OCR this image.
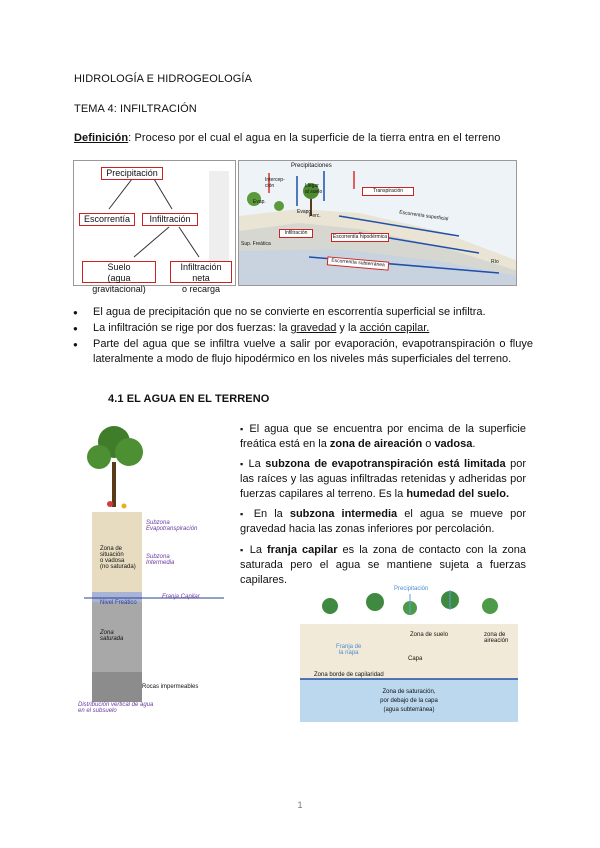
HIDROLOGÍA E HIDROGEOLOGÍA
TEMA 4: INFILTRACIÓN
Definición: Proceso por el cual el agua en la superficie de la tierra entra en el terreno
Precipitación
Escorrentía	Infiltración
Suelo
(agua gravitacional)
Infiltración neta
o recarga
Precipitaciones
Intercep-
ción	Llegar
al suelo
Evap.
Evapo
Transpiración
Escorrentía superficial
Infiltración
Escorrentía hipodérmica
Perc.
Escorrentía subterránea
Sup. Freática
Río
● El agua de precipitación que no se convierte en escorrentía superficial se infiltra.
● La infiltración se rige por dos fuerzas: la gravedad y la acción capilar.
● Parte del agua que se infiltra vuelve a salir por evaporación, evapotranspiración o fluye lateralmente a modo de flujo hipodérmico en los niveles más superficiales del terreno.
4.1 EL AGUA EN EL TERRENO
Subzona
Evapotranspiración
Subzona
Intermedia
Zona de
situación
o vadosa
(no saturada)
Nivel Freático
Franja Capilar
Zona
saturada
Rocas impermeables
Distribución vertical de agua
en el subsuelo
▪ El agua que se encuentra por encima de la superficie freática está en la zona de aireación o vadosa.
▪ La subzona de evapotranspiración está limitada por las raíces y las aguas infiltradas retenidas y adheridas por fuerzas capilares al terreno. Es la humedad del suelo.
▪ En la subzona intermedia el agua se mueve por gravedad hacia las zonas inferiores por percolación.
▪ La franja capilar es la zona de contacto con la zona saturada pero el agua se mantiene sujeta a fuerzas capilares.
Precipitación
Zona de suelo
Franja de
la napa
Capa
zona de
aireación
Zona borde de capilaridad
Zona de saturación,
por debajo de la capa
(agua subterránea)
1
